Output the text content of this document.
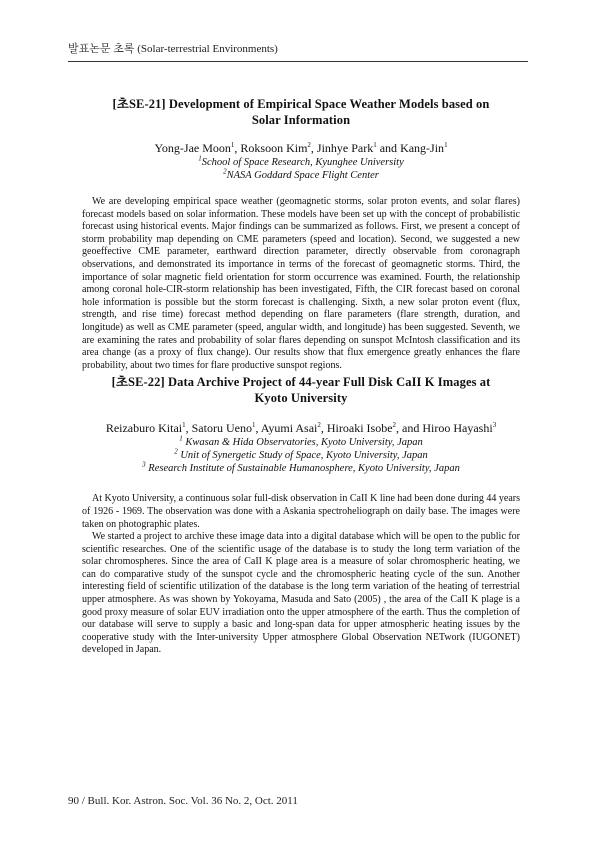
발표논문 초록 (Solar-terrestrial Environments)
[초SE-21] Development of Empirical Space Weather Models based on
Solar Information
Yong-Jae Moon$^1$, Roksoon Kim$^2$, Jinhye Park$^1$ and Kang-Jin$^1$
$^1$School of Space Research, Kyunghee University
$^2$NASA Goddard Space Flight Center

We are developing empirical space weather (geomagnetic storms, solar proton events, and solar flares) forecast models based on solar information. These models have been set up with the concept of probabilistic forecast using historical events. Major findings can be summarized as follows. First, we present a concept of storm probability map depending on CME parameters (speed and location). Second, we suggested a new geoeffective CME parameter, earthward direction parameter, directly observable from coronagraph observations, and demonstrated its importance in terms of the forecast of geomagnetic storms. Third, the importance of solar magnetic field orientation for storm occurrence was examined. Fourth, the relationship among coronal hole-CIR-storm relationship has been investigated, Fifth, the CIR forecast based on coronal hole information is possible but the storm forecast is challenging. Sixth, a new solar proton event (flux, strength, and rise time) forecast method depending on flare parameters (flare strength, duration, and longitude) as well as CME parameter (speed, angular width, and longitude) has been suggested. Seventh, we are examining the rates and probability of solar flares depending on sunspot McIntosh classification and its area change (as a proxy of flux change). Our results show that flux emergence greatly enhances the flare probability, about two times for flare productive sunspot regions.

[초SE-22] Data Archive Project of 44-year Full Disk CaII K Images at
Kyoto University
Reizaburo Kitai$^1$, Satoru Ueno$^1$, Ayumi Asai$^2$, Hiroaki Isobe$^2$, and Hiroo Hayashi$^3$
$^1$ Kwasan & Hida Observatories, Kyoto University, Japan
$^2$ Unit of Synergetic Study of Space, Kyoto University, Japan
$^3$ Research Institute of Sustainable Humanosphere, Kyoto University, Japan

At Kyoto University, a continuous solar full-disk observation in CaII K line had been done during 44 years of 1926 - 1969. The observation was done with a Askania spectroheliograph on daily base. The images were taken on photographic plates.

We started a project to archive these image data into a digital database which will be open to the public for scientific researches. One of the scientific usage of the database is to study the long term variation of the solar chromospheres. Since the area of CaII K plage area is a measure of solar chromospheric heating, we can do comparative study of the sunspot cycle and the chromospheric heating cycle of the sun. Another interesting field of scientific utilization of the database is the long term variation of the heating of terrestrial upper atmosphere. As was shown by Yokoyama, Masuda and Sato (2005) , the area of the CaII K plage is a good proxy measure of solar EUV irradiation onto the upper atmosphere of the earth. Thus the completion of our database will serve to supply a basic and long-span data for upper atmospheric heating issues by the cooperative study with the Inter-university Upper atmosphere Global Observation NETwork (IUGONET) developed in Japan.

90 / Bull. Kor. Astron. Soc. Vol. 36 No. 2, Oct. 2011
